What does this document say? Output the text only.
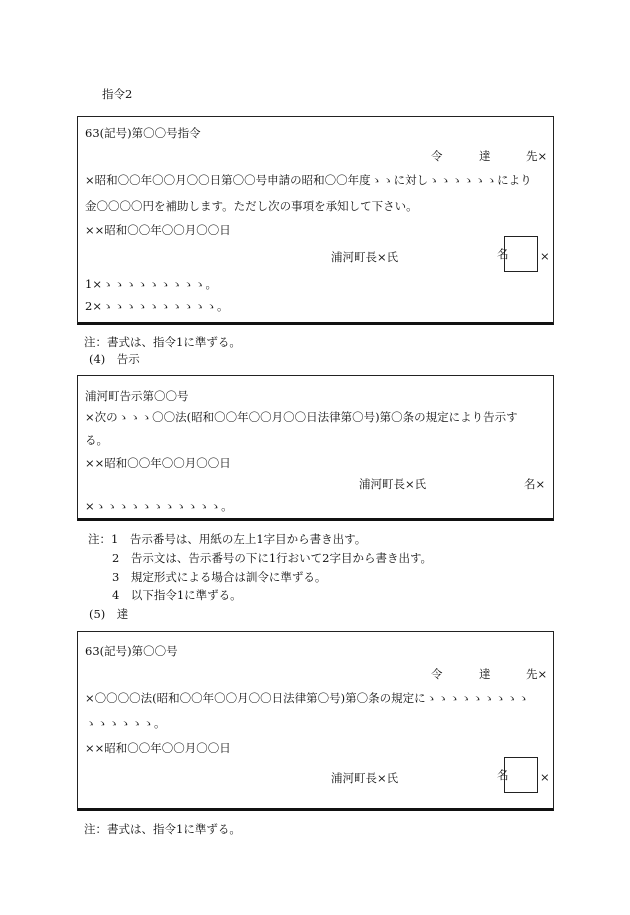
指令2
63(記号)第〇〇号指令
令	達	先×
×昭和〇〇年〇〇月〇〇日第〇〇号申請の昭和〇〇年度ゝゝに対しゝゝゝゝゝゝにより
金〇〇〇〇円を補助します。ただし次の事項を承知して下さい。
××昭和〇〇年〇〇月〇〇日
浦河町長×氏	名	×
1×ゝゝゝゝゝゝゝゝゝ。
2×ゝゝゝゝゝゝゝゝゝゝ。
注：書式は、指令1に準ずる。
(4)　告示
浦河町告示第〇〇号
×次のゝゝゝ〇〇法(昭和〇〇年〇〇月〇〇日法律第〇号)第〇条の規定により告示す
る。
××昭和〇〇年〇〇月〇〇日
浦河町長×氏	名×
×ゝゝゝゝゝゝゝゝゝゝゝ。
注：1　告示番号は、用紙の左上1字目から書き出す。
2　告示文は、告示番号の下に1行おいて2字目から書き出す。
3　規定形式による場合は訓令に準ずる。
4　以下指令1に準ずる。
(5)　達
63(記号)第〇〇号
令	達	先×
×〇〇〇〇法(昭和〇〇年〇〇月〇〇日法律第〇号)第〇条の規定にゝゝゝゝゝゝゝゝゝ
ゝゝゝゝゝゝ。
××昭和〇〇年〇〇月〇〇日
浦河町長×氏	名	×
注：書式は、指令1に準ずる。
